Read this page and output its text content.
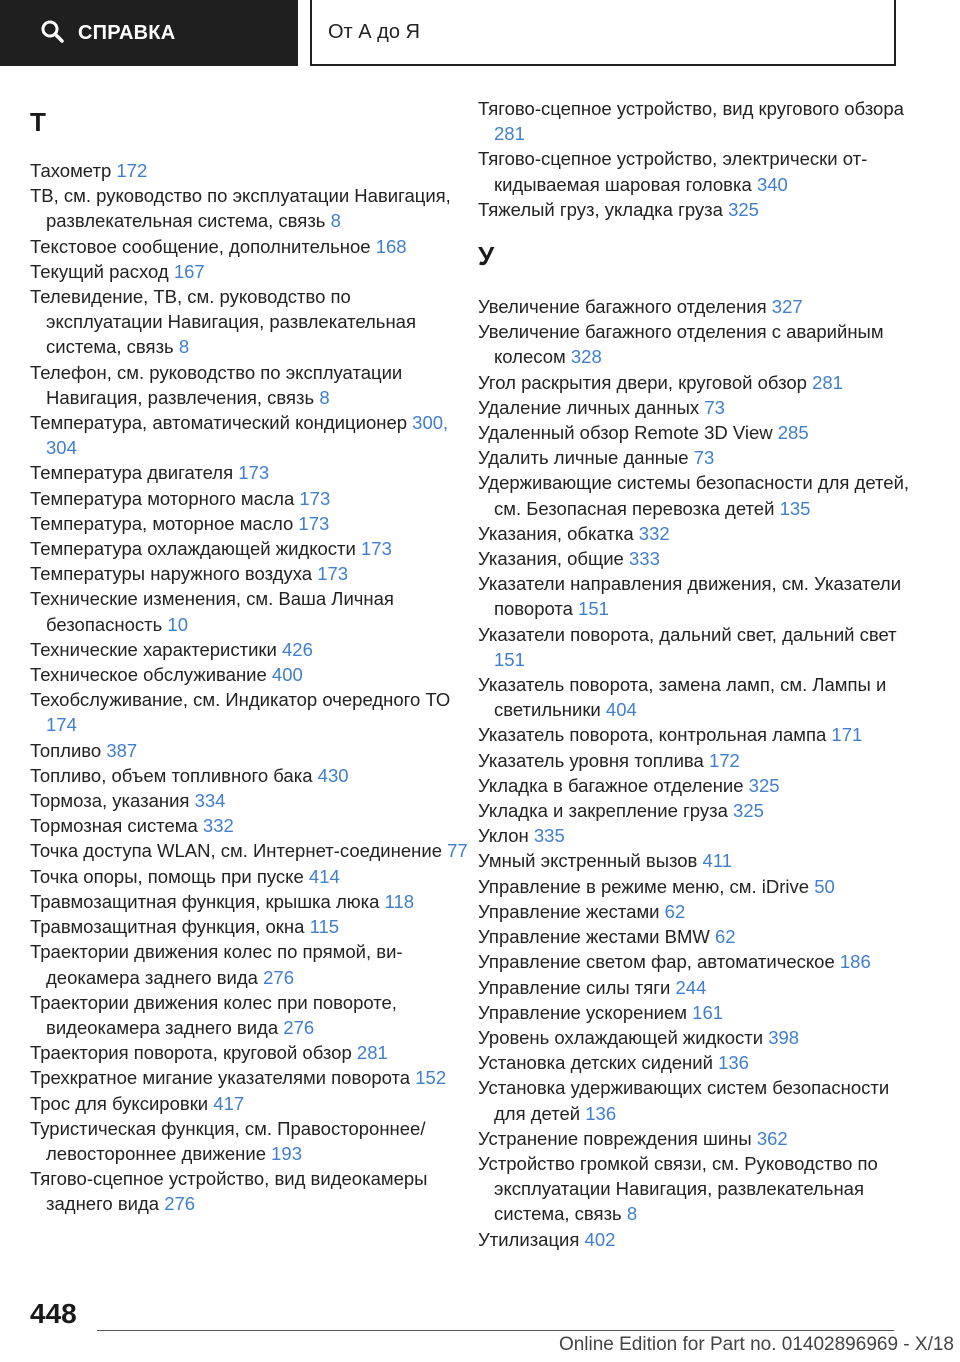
СПРАВКА	От А до Я
Т
Тахометр 172
ТВ, см. руководство по эксплуатации Навигация, развлекательная система, связь 8
Текстовое сообщение, дополнительное 168
Текущий расход 167
Телевидение, ТВ, см. руководство по эксплуатации Навигация, развлекательная система, связь 8
Телефон, см. руководство по эксплуатации Навигация, развлечения, связь 8
Температура, автоматический кондиционер 300, 304
Температура двигателя 173
Температура моторного масла 173
Температура, моторное масло 173
Температура охлаждающей жидкости 173
Температуры наружного воздуха 173
Технические изменения, см. Ваша Личная безопасность 10
Технические характеристики 426
Техническое обслуживание 400
Техобслуживание, см. Индикатор очередного ТО 174
Топливо 387
Топливо, объем топливного бака 430
Тормоза, указания 334
Тормозная система 332
Точка доступа WLAN, см. Интернет-соединение 77
Точка опоры, помощь при пуске 414
Травмозащитная функция, крышка люка 118
Травмозащитная функция, окна 115
Траектории движения колес по прямой, видеокамера заднего вида 276
Траектории движения колес при повороте, видеокамера заднего вида 276
Траектория поворота, круговой обзор 281
Трехкратное мигание указателями поворота 152
Трос для буксировки 417
Туристическая функция, см. Правостороннее/левостороннее движение 193
Тягово-сцепное устройство, вид видеокамеры заднего вида 276
Тягово-сцепное устройство, вид кругового обзора 281
Тягово-сцепное устройство, электрически откидываемая шаровая головка 340
Тяжелый груз, укладка груза 325
У
Увеличение багажного отделения 327
Увеличение багажного отделения с аварийным колесом 328
Угол раскрытия двери, круговой обзор 281
Удаление личных данных 73
Удаленный обзор Remote 3D View 285
Удалить личные данные 73
Удерживающие системы безопасности для детей, см. Безопасная перевозка детей 135
Указания, обкатка 332
Указания, общие 333
Указатели направления движения, см. Указатели поворота 151
Указатели поворота, дальний свет, дальний свет 151
Указатель поворота, замена ламп, см. Лампы и светильники 404
Указатель поворота, контрольная лампа 171
Указатель уровня топлива 172
Укладка в багажное отделение 325
Укладка и закрепление груза 325
Уклон 335
Умный экстренный вызов 411
Управление в режиме меню, см. iDrive 50
Управление жестами 62
Управление жестами BMW 62
Управление светом фар, автоматическое 186
Управление силы тяги 244
Управление ускорением 161
Уровень охлаждающей жидкости 398
Установка детских сидений 136
Установка удерживающих систем безопасности для детей 136
Устранение повреждения шины 362
Устройство громкой связи, см. Руководство по эксплуатации Навигация, развлекательная система, связь 8
Утилизация 402
448
Online Edition for Part no. 01402896969 - X/18
